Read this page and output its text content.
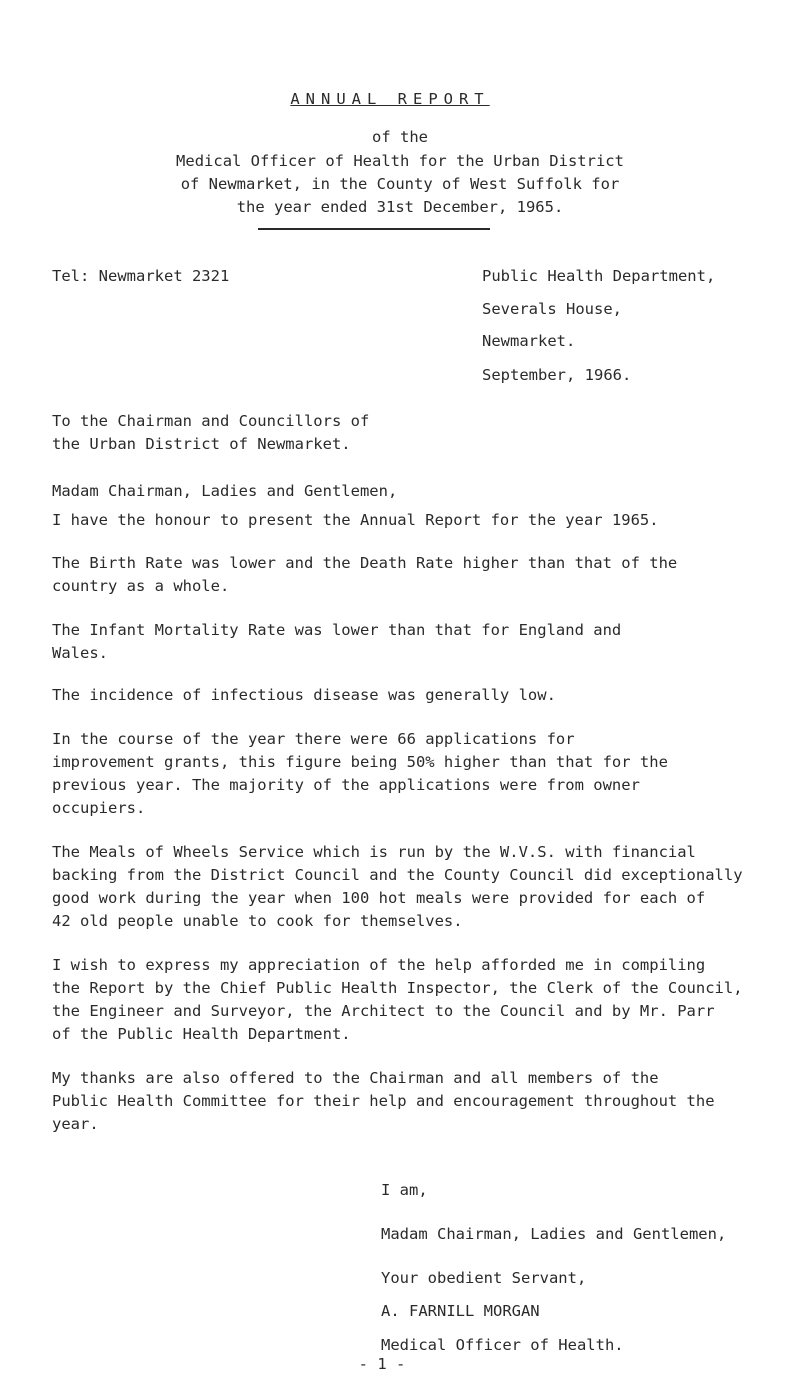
ANNUAL REPORT
of the
Medical Officer of Health for the Urban District
of Newmarket, in the County of West Suffolk for
the year ended 31st December, 1965.
Tel: Newmarket 2321	Public Health Department,
Severals House,
Newmarket.
September, 1966.
To the Chairman and Councillors of
the Urban District of Newmarket.
Madam Chairman, Ladies and Gentlemen,
I have the honour to present the Annual Report for the year 1965.
The Birth Rate was lower and the Death Rate higher than that of the
country as a whole.
The Infant Mortality Rate was lower than that for England and
Wales.
The incidence of infectious disease was generally low.
In the course of the year there were 66 applications for
improvement grants, this figure being 50% higher than that for the
previous year. The majority of the applications were from owner
occupiers.
The Meals of Wheels Service which is run by the W.V.S. with financial
backing from the District Council and the County Council did exceptionally
good work during the year when 100 hot meals were provided for each of
42 old people unable to cook for themselves.
I wish to express my appreciation of the help afforded me in compiling
the Report by the Chief Public Health Inspector, the Clerk of the Council,
the Engineer and Surveyor, the Architect to the Council and by Mr. Parr
of the Public Health Department.
My thanks are also offered to the Chairman and all members of the
Public Health Committee for their help and encouragement throughout the
year.
I am,
Madam Chairman, Ladies and Gentlemen,
Your obedient Servant,
A. FARNILL MORGAN
Medical Officer of Health.
- 1 -
